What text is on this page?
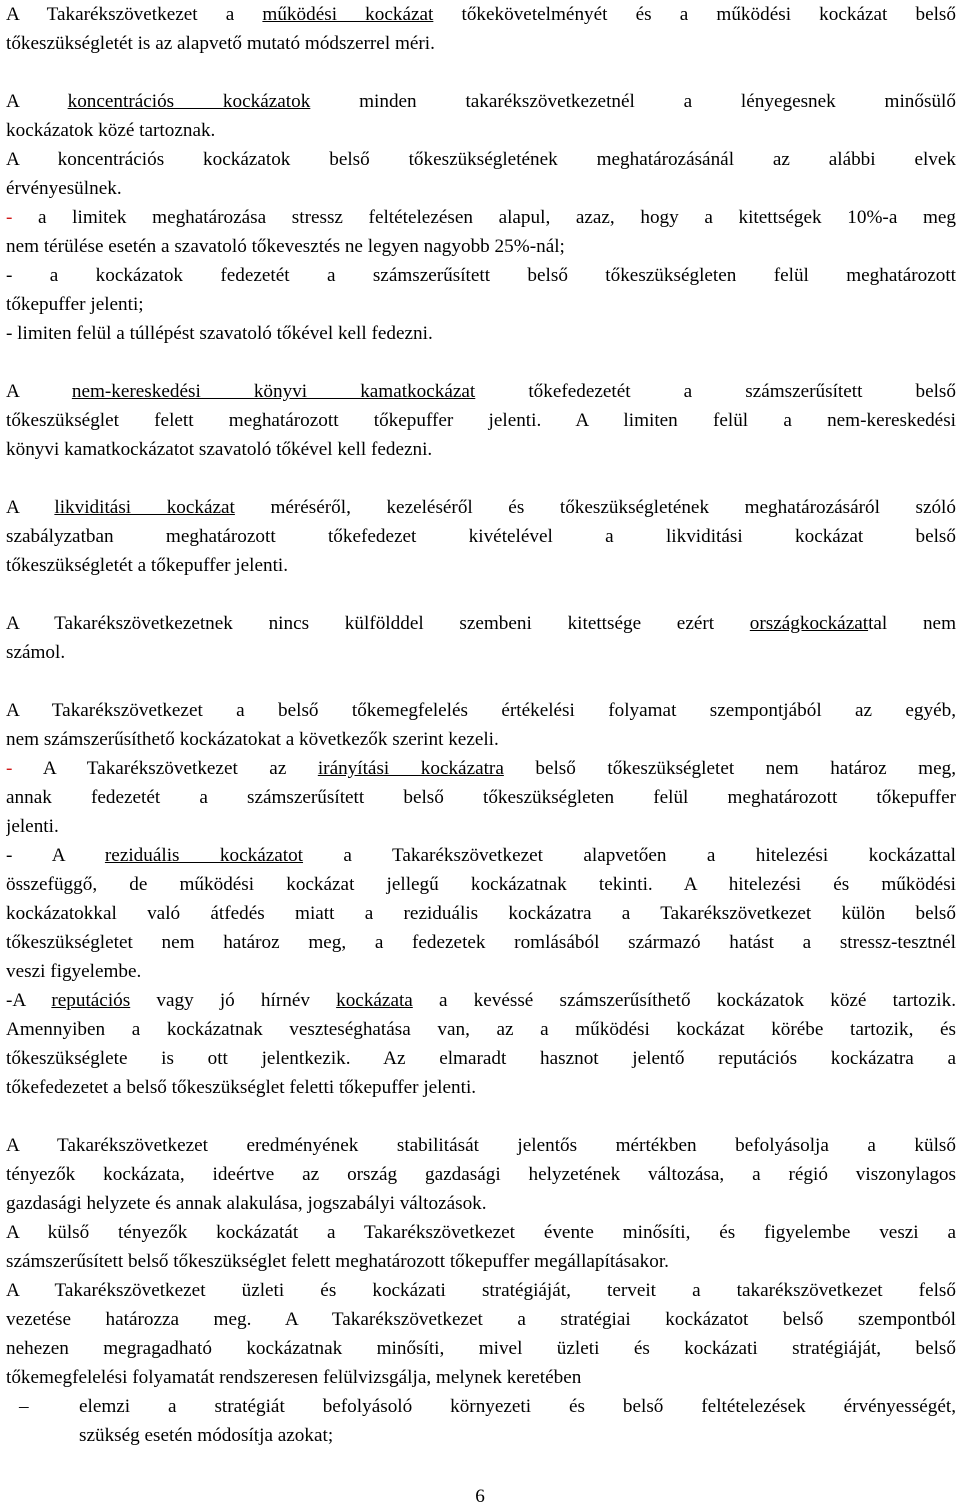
A Takarékszövetkezet a működési kockázat tőkekövetelményét és a működési kockázat belső
tőkeszükségletét is az alapvető mutató módszerrel méri.
A koncentrációs kockázatok minden takarékszövetkezetnél a lényegesnek minősülő
kockázatok közé tartoznak.
A koncentrációs kockázatok belső tőkeszükségletének meghatározásánál az alábbi elvek
érvényesülnek.
- a limitek meghatározása stressz feltételezésen alapul, azaz, hogy a kitettségek 10%-a meg
nem térülése esetén a szavatoló tőkevesztés ne legyen nagyobb 25%-nál;
- a kockázatok fedezetét a számszerűsített belső tőkeszükségleten felül meghatározott
tőkepuffer jelenti;
- limiten felül a túllépést szavatoló tőkével kell fedezni.
A nem-kereskedési könyvi kamatkockázat tőkefedezetét a számszerűsített belső
tőkeszükséglet felett meghatározott tőkepuffer jelenti. A limiten felül a nem-kereskedési
könyvi kamatkockázatot szavatoló tőkével kell fedezni.
A likviditási kockázat méréséről, kezeléséről és tőkeszükségletének meghatározásáról szóló
szabályzatban meghatározott tőkefedezet kivételével a likviditási kockázat belső
tőkeszükségletét a tőkepuffer jelenti.
A Takarékszövetkezetnek nincs külfölddel szembeni kitettsége ezért országkockázattal nem
számol.
A Takarékszövetkezet a belső tőkemegfelelés értékelési folyamat szempontjából az egyéb,
nem számszerűsíthető kockázatokat a következők szerint kezeli.
- A Takarékszövetkezet az irányítási kockázatra belső tőkeszükségletet nem határoz meg,
annak fedezetét a számszerűsített belső tőkeszükségleten felül meghatározott tőkepuffer
jelenti.
- A reziduális kockázatot a Takarékszövetkezet alapvetően a hitelezési kockázattal
összefüggő, de működési kockázat jellegű kockázatnak tekinti. A hitelezési és működési
kockázatokkal való átfedés miatt a reziduális kockázatra a Takarékszövetkezet külön belső
tőkeszükségletet nem határoz meg, a fedezetek romlásából származó hatást a stressz-tesztnél
veszi figyelembe.
-A reputációs vagy jó hírnév kockázata a kevéssé számszerűsíthető kockázatok közé tartozik.
Amennyiben a kockázatnak veszteséghatása van, az a működési kockázat körébe tartozik, és
tőkeszükséglete is ott jelentkezik. Az elmaradt hasznot jelentő reputációs kockázatra a
tőkefedezetet a belső tőkeszükséglet feletti tőkepuffer jelenti.
A Takarékszövetkezet eredményének stabilitását jelentős mértékben befolyásolja a külső
tényezők kockázata, ideértve az ország gazdasági helyzetének változása, a régió viszonylagos
gazdasági helyzete és annak alakulása, jogszabályi változások.
A külső tényezők kockázatát a Takarékszövetkezet évente minősíti, és figyelembe veszi a
számszerűsített belső tőkeszükséglet felett meghatározott tőkepuffer megállapításakor.
A Takarékszövetkezet üzleti és kockázati stratégiáját, terveit a takarékszövetkezet felső
vezetése határozza meg. A Takarékszövetkezet a stratégiai kockázatot belső szempontból
nehezen megragadható kockázatnak minősíti, mivel üzleti és kockázati stratégiáját, belső
tőkemegfelelési folyamatát rendszeresen felülvizsgálja, melynek keretében
–	elemzi a stratégiát befolyásoló környezeti és belső feltételezések érvényességét,
szükség esetén módosítja azokat;
6
